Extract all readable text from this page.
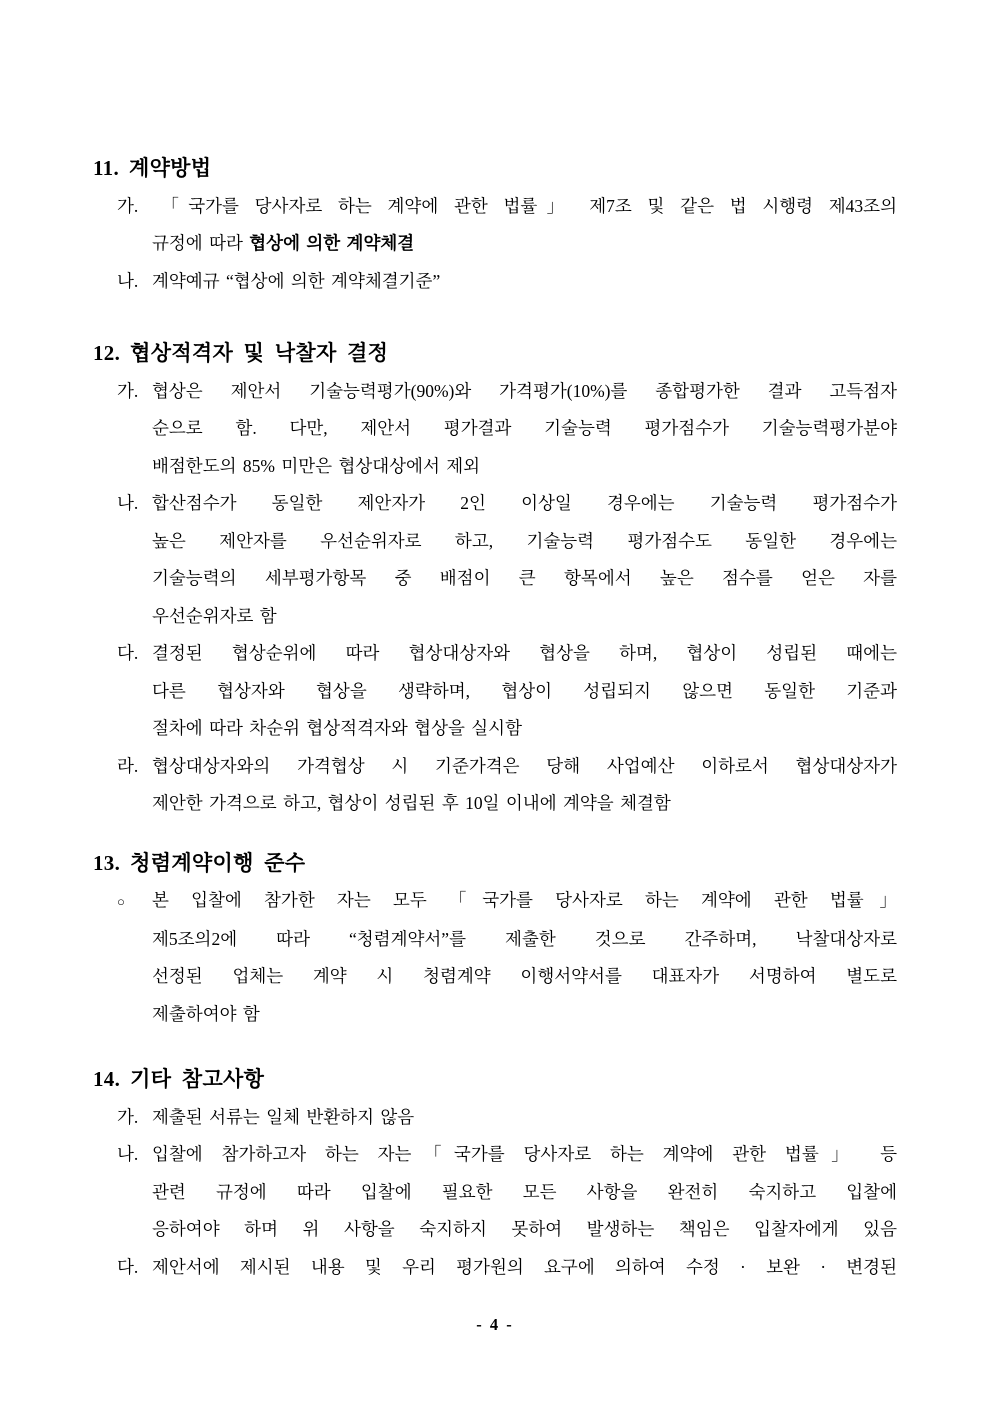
11. 계약방법
가. 「국가를 당사자로 하는 계약에 관한 법률」 제7조 및 같은 법 시행령 제43조의
규정에 따라 협상에 의한 계약체결
나. 계약예규 “협상에 의한 계약체결기준”
12. 협상적격자 및 낙찰자 결정
가. 협상은 제안서 기술능력평가(90%)와 가격평가(10%)를 종합평가한 결과 고득점자
순으로 함. 다만, 제안서 평가결과 기술능력 평가점수가 기술능력평가분야
배점한도의 85% 미만은 협상대상에서 제외
나. 합산점수가 동일한 제안자가 2인 이상일 경우에는 기술능력 평가점수가
높은 제안자를 우선순위자로 하고, 기술능력 평가점수도 동일한 경우에는
기술능력의 세부평가항목 중 배점이 큰 항목에서 높은 점수를 얻은 자를
우선순위자로 함
다. 결정된 협상순위에 따라 협상대상자와 협상을 하며, 협상이 성립된 때에는
다른 협상자와 협상을 생략하며, 협상이 성립되지 않으면 동일한 기준과
절차에 따라 차순위 협상적격자와 협상을 실시함
라. 협상대상자와의 가격협상 시 기준가격은 당해 사업예산 이하로서 협상대상자가
제안한 가격으로 하고, 협상이 성립된 후 10일 이내에 계약을 체결함
13. 청렴계약이행 준수
○ 본 입찰에 참가한 자는 모두 「국가를 당사자로 하는 계약에 관한 법률」
제5조의2에 따라 “청렴계약서”를 제출한 것으로 간주하며, 낙찰대상자로
선정된 업체는 계약 시 청렴계약 이행서약서를 대표자가 서명하여 별도로
제출하여야 함
14. 기타 참고사항
가. 제출된 서류는 일체 반환하지 않음
나. 입찰에 참가하고자 하는 자는「국가를 당사자로 하는 계약에 관한 법률」 등
관련 규정에 따라 입찰에 필요한 모든 사항을 완전히 숙지하고 입찰에
응하여야 하며 위 사항을 숙지하지 못하여 발생하는 책임은 입찰자에게 있음
다. 제안서에 제시된 내용 및 우리 평가원의 요구에 의하여 수정 · 보완 · 변경된
- 4 -
